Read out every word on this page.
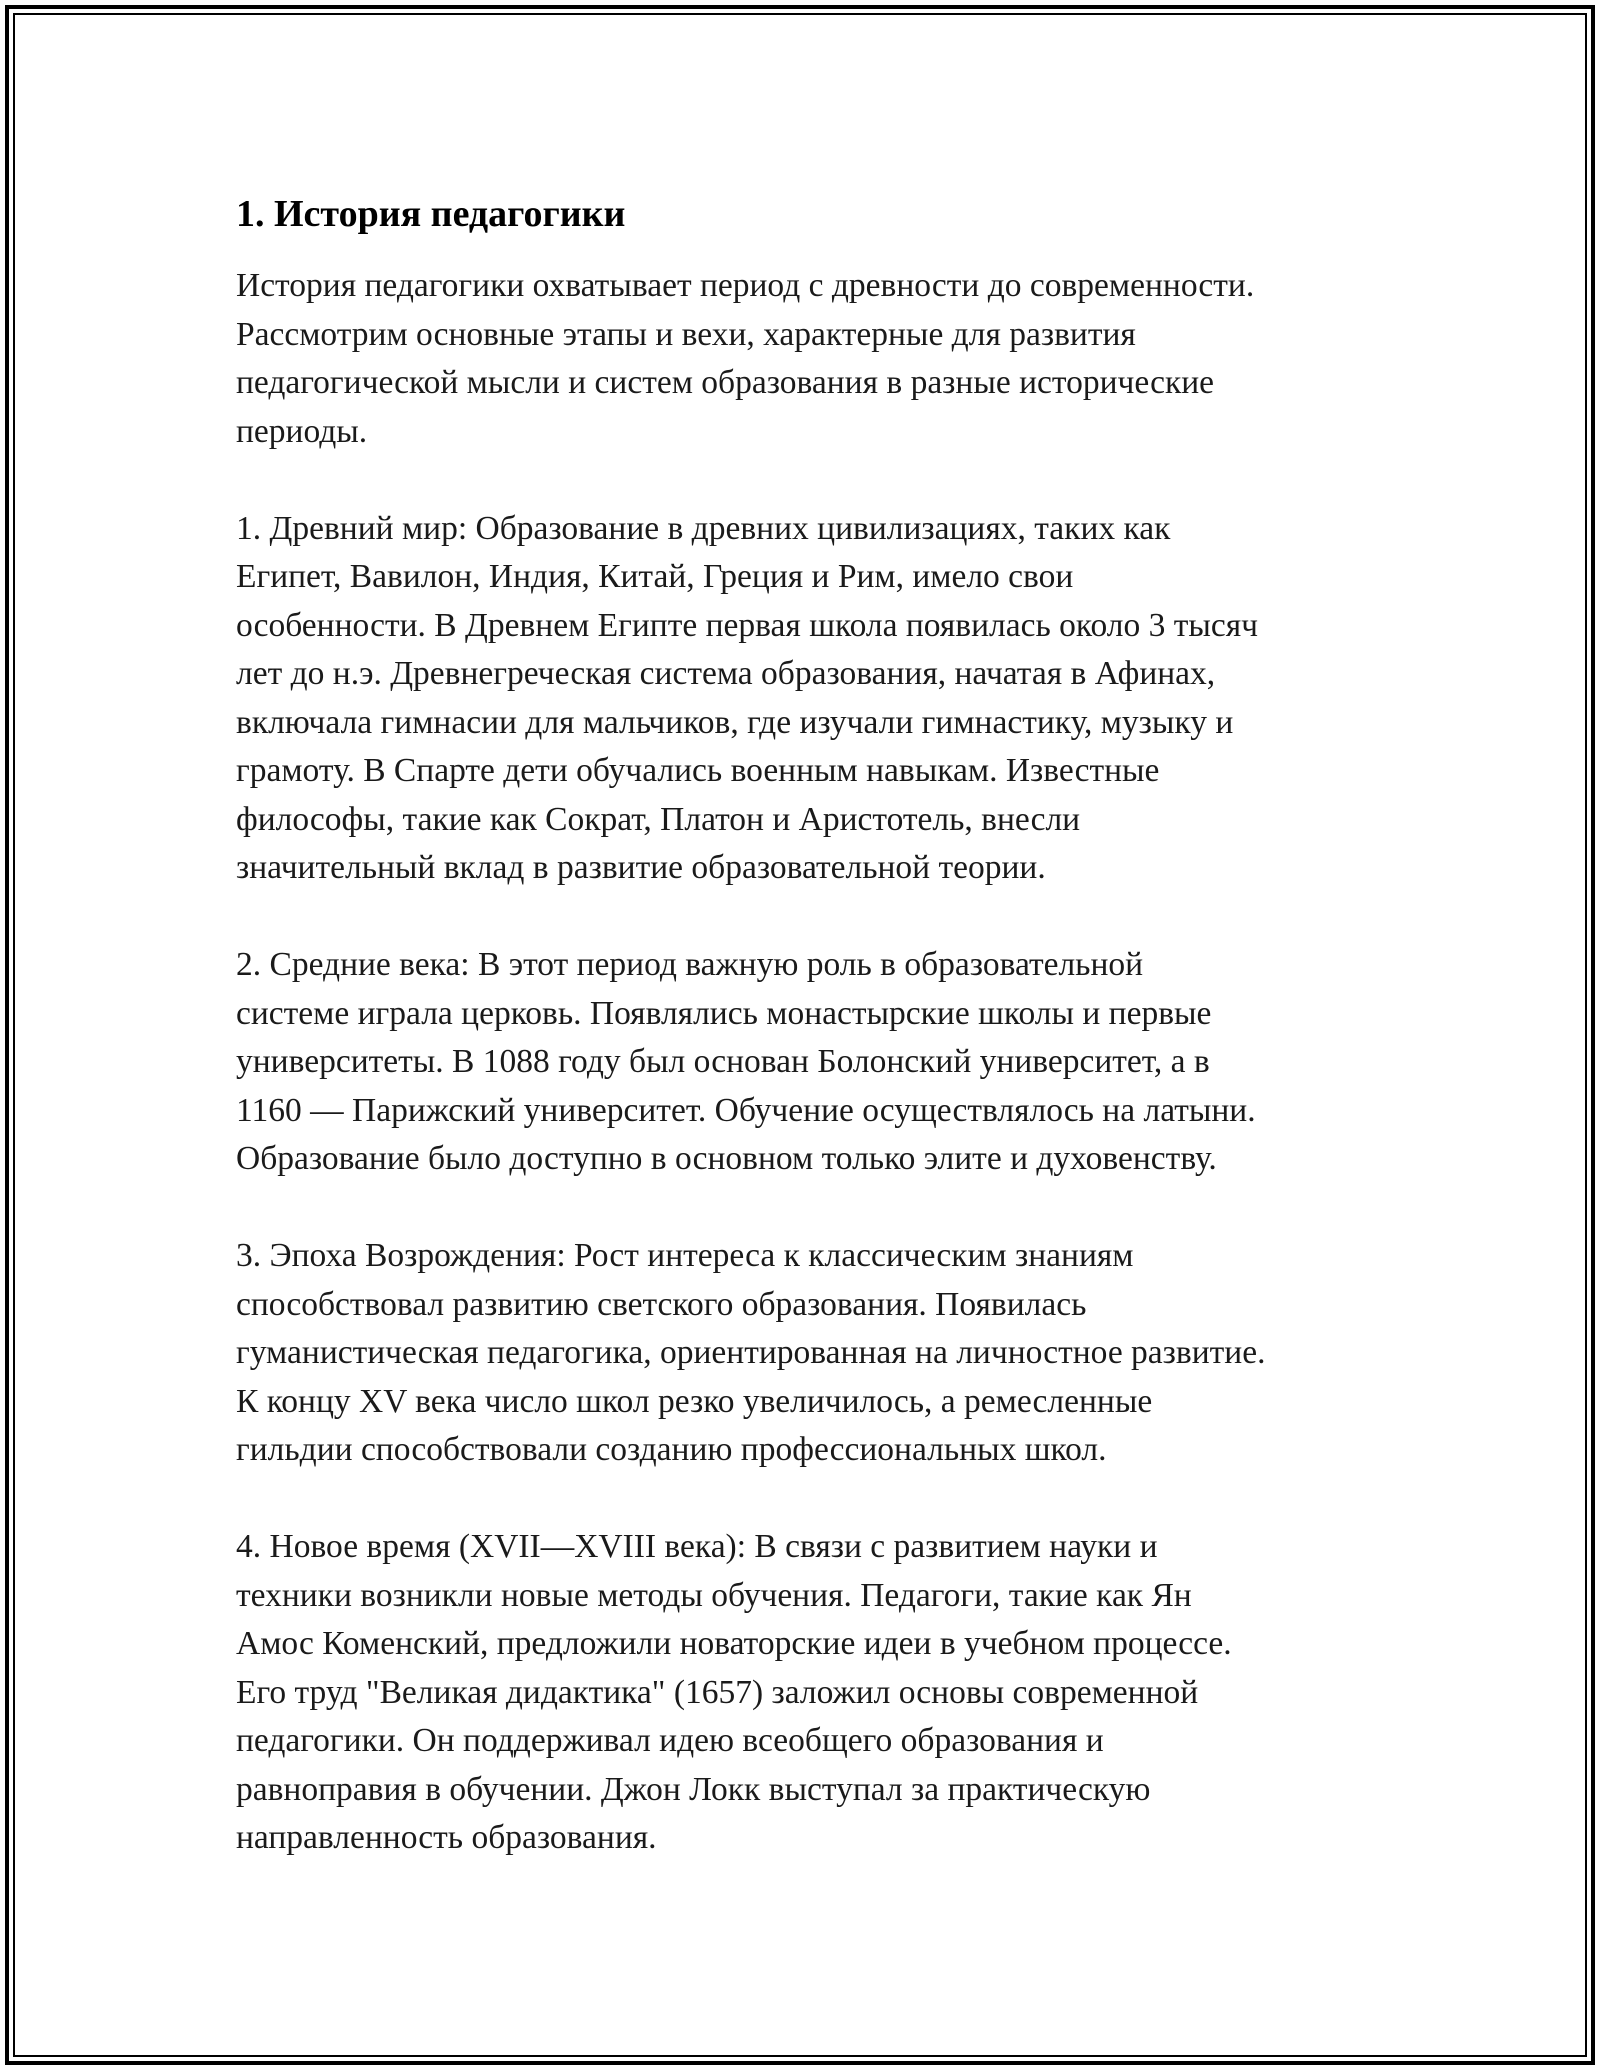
1. История педагогики
История педагогики охватывает период с древности до современности.
Рассмотрим основные этапы и вехи, характерные для развития
педагогической мысли и систем образования в разные исторические
периоды.
1. Древний мир: Образование в древних цивилизациях, таких как
Египет, Вавилон, Индия, Китай, Греция и Рим, имело свои
особенности. В Древнем Египте первая школа появилась около 3 тысяч
лет до н.э. Древнегреческая система образования, начатая в Афинах,
включала гимнасии для мальчиков, где изучали гимнастику, музыку и
грамоту. В Спарте дети обучались военным навыкам. Известные
философы, такие как Сократ, Платон и Аристотель, внесли
значительный вклад в развитие образовательной теории.
2. Средние века: В этот период важную роль в образовательной
системе играла церковь. Появлялись монастырские школы и первые
университеты. В 1088 году был основан Болонский университет, а в
1160 — Парижский университет. Обучение осуществлялось на латыни.
Образование было доступно в основном только элите и духовенству.
3. Эпоха Возрождения: Рост интереса к классическим знаниям
способствовал развитию светского образования. Появилась
гуманистическая педагогика, ориентированная на личностное развитие.
К концу XV века число школ резко увеличилось, а ремесленные
гильдии способствовали созданию профессиональных школ.
4. Новое время (XVII—XVIII века): В связи с развитием науки и
техники возникли новые методы обучения. Педагоги, такие как Ян
Амос Коменский, предложили новаторские идеи в учебном процессе.
Его труд "Великая дидактика" (1657) заложил основы современной
педагогики. Он поддерживал идею всеобщего образования и
равноправия в обучении. Джон Локк выступал за практическую
направленность образования.
